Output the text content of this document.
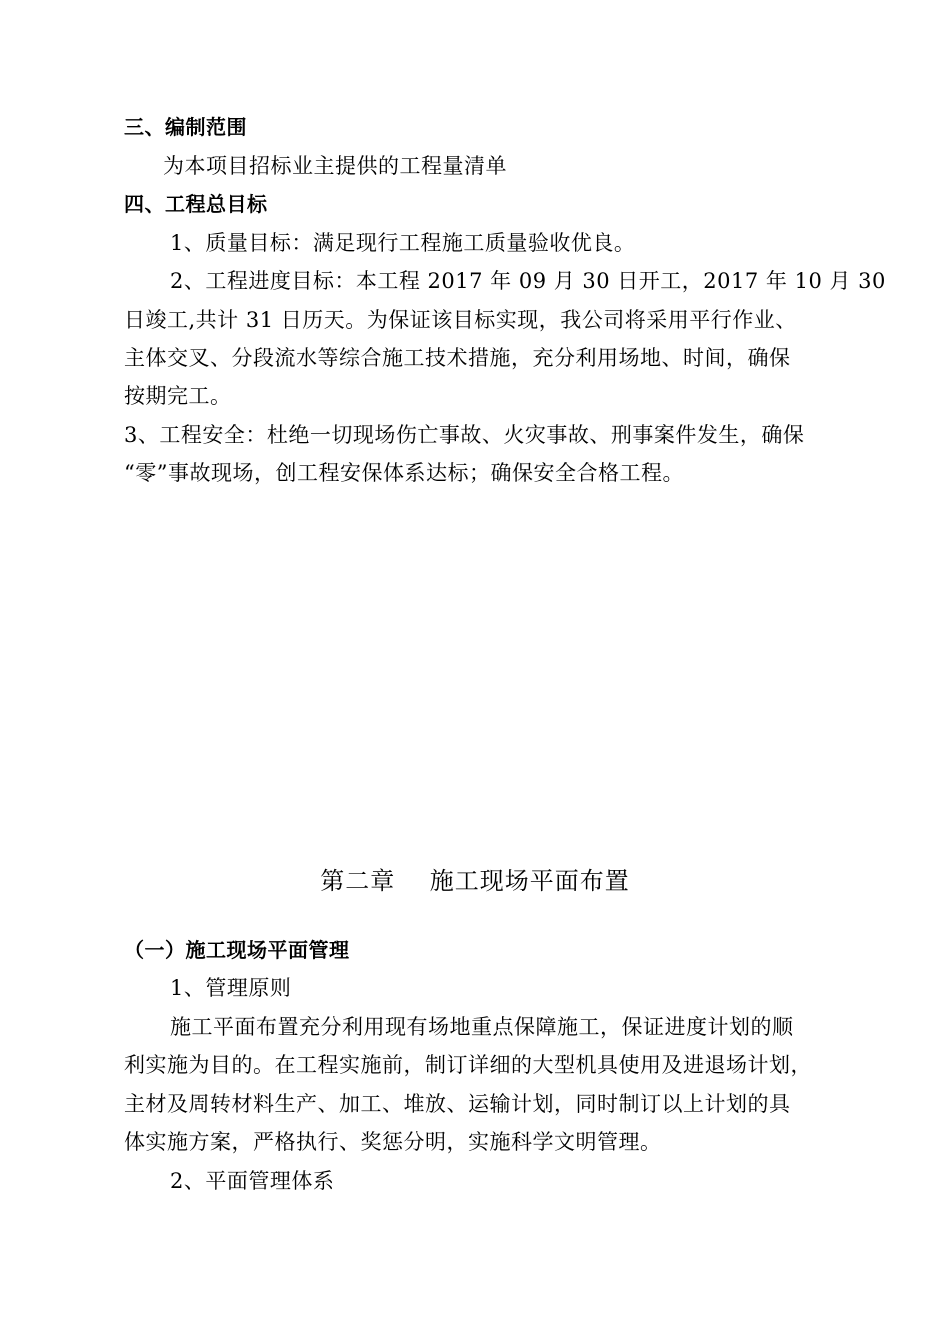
三、编制范围
为本项目招标业主提供的工程量清单
四、工程总目标
1、质量目标：满足现行工程施工质量验收优良。
2、工程进度目标：本工程 2017 年 09 月 30 日开工，2017 年 10 月 30
日竣工,共计 31 日历天。为保证该目标实现，我公司将采用平行作业、
主体交叉、分段流水等综合施工技术措施，充分利用场地、时间，确保
按期完工。
3、工程安全：杜绝一切现场伤亡事故、火灾事故、刑事案件发生，确保
“零”事故现场，创工程安保体系达标；确保安全合格工程。
第二章    施工现场平面布置
（一）施工现场平面管理
1、管理原则
施工平面布置充分利用现有场地重点保障施工，保证进度计划的顺
利实施为目的。在工程实施前，制订详细的大型机具使用及进退场计划，
主材及周转材料生产、加工、堆放、运输计划，同时制订以上计划的具
体实施方案，严格执行、奖惩分明，实施科学文明管理。
2、平面管理体系
